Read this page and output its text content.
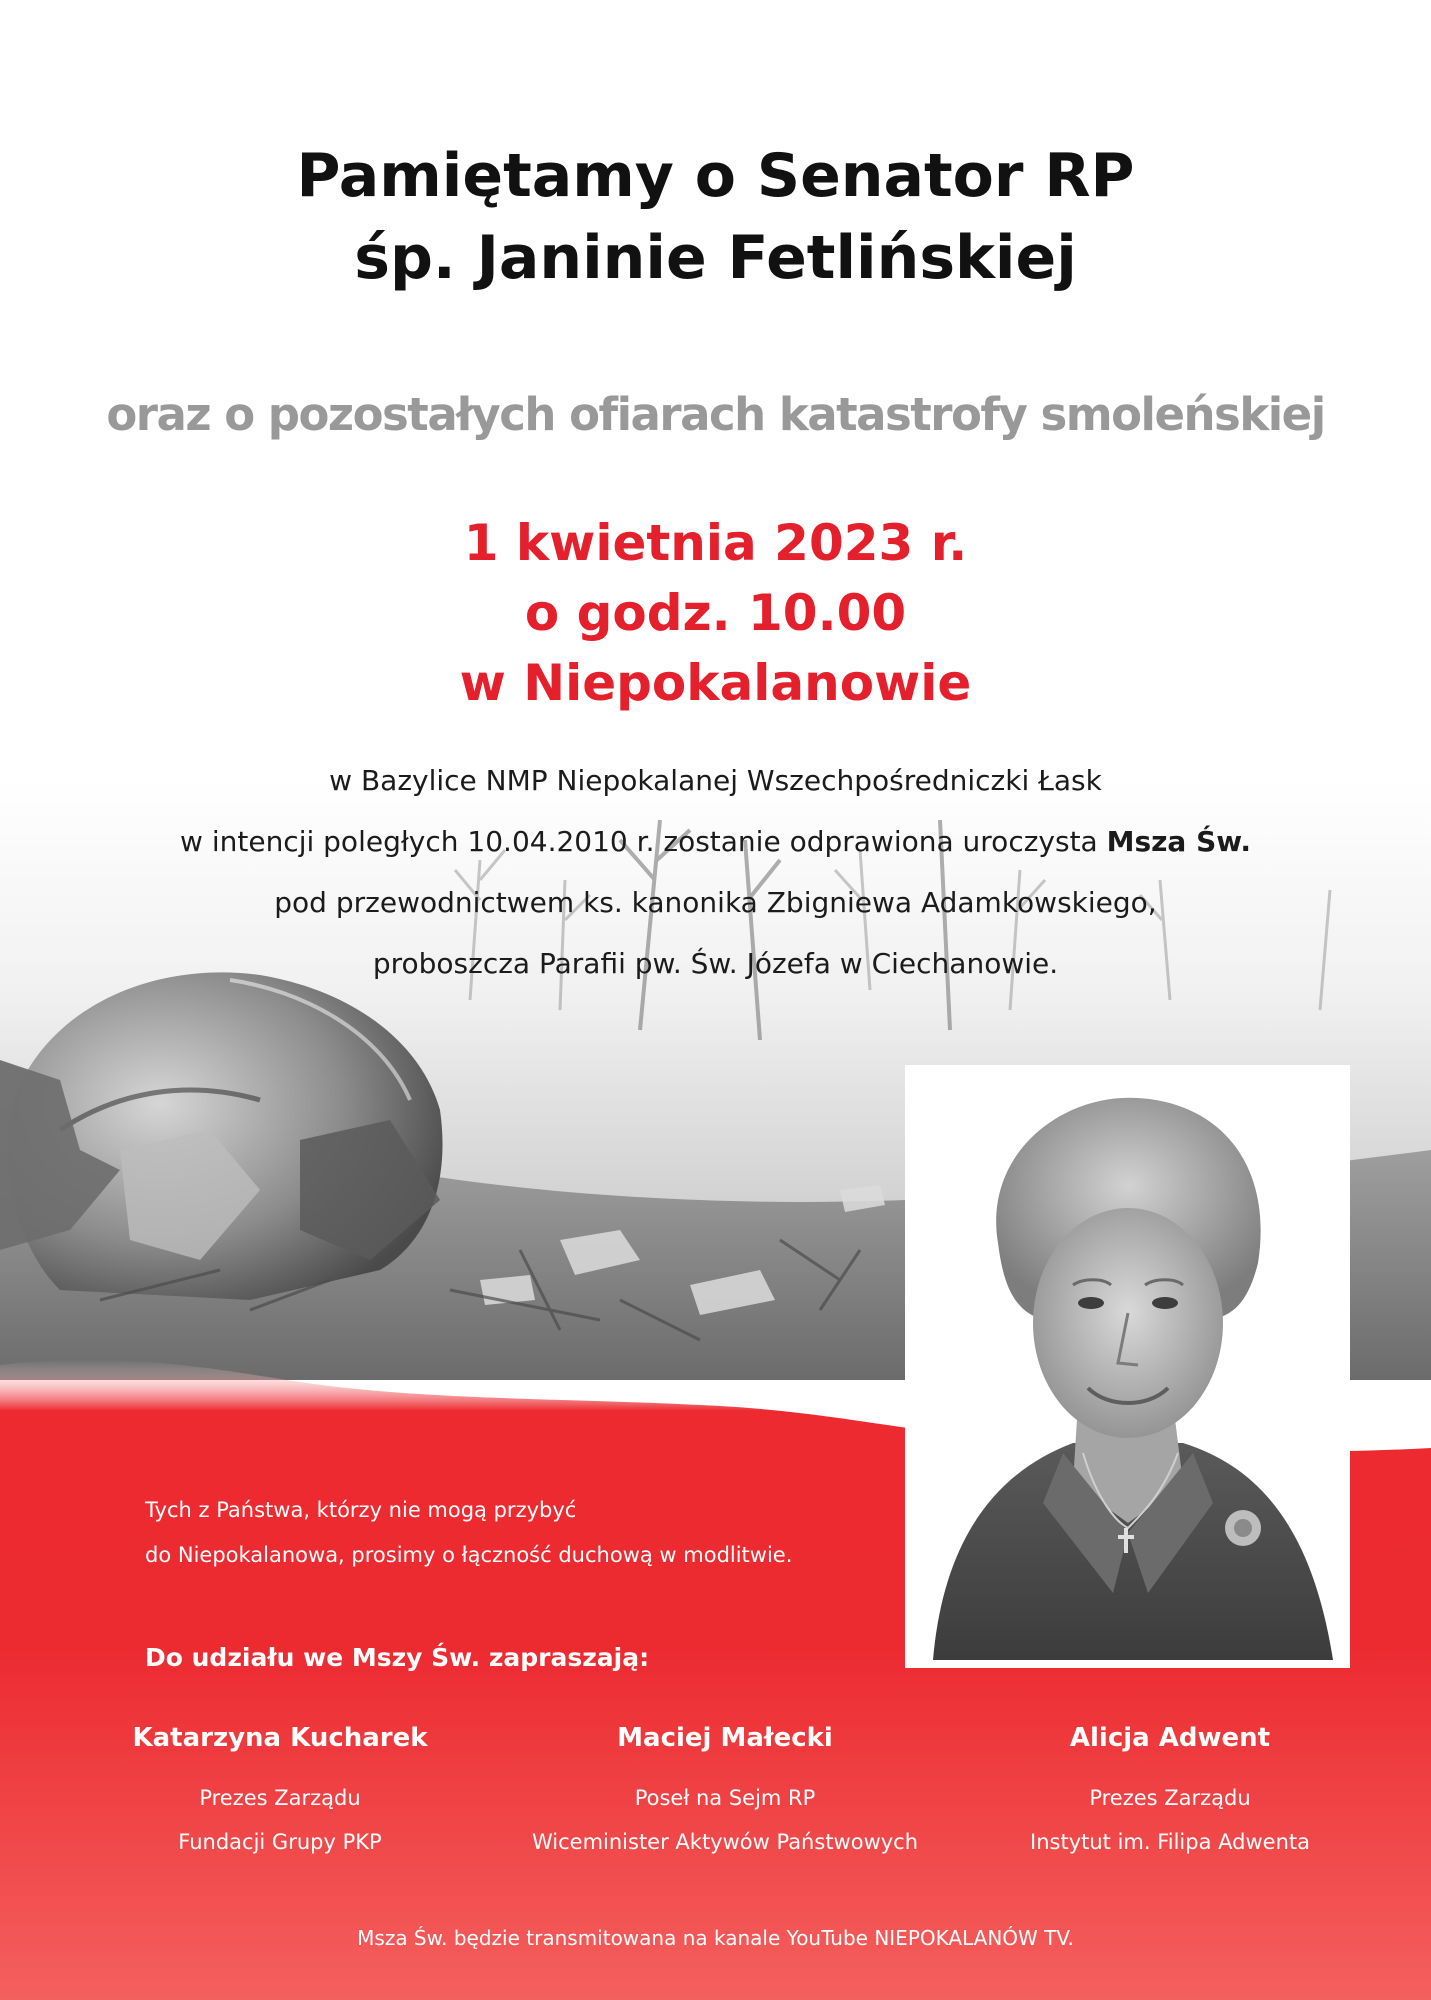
Pamiętamy o Senator RP
śp. Janinie Fetlińskiej

oraz o pozostałych ofiarach katastrofy smoleńskiej

1 kwietnia 2023 r.
o godz. 10.00
w Niepokalanowie

w Bazylice NMP Niepokalanej Wszechpośredniczki Łask
w intencji poległych 10.04.2010 r. zostanie odprawiona uroczysta Msza Św.
pod przewodnictwem ks. kanonika Zbigniewa Adamkowskiego,
proboszcza Parafii pw. Św. Józefa w Ciechanowie.

Tych z Państwa, którzy nie mogą przybyć
do Niepokalanowa, prosimy o łączność duchową w modlitwie.

Do udziału we Mszy Św. zapraszają:

Katarzyna Kucharek

Prezes Zarządu
Fundacji Grupy PKP

Maciej Małecki

Poseł na Sejm RP
Wiceminister Aktywów Państwowych

Alicja Adwent

Prezes Zarządu
Instytut im. Filipa Adwenta

Msza Św. będzie transmitowana na kanale YouTube NIEPOKALANÓW TV.
